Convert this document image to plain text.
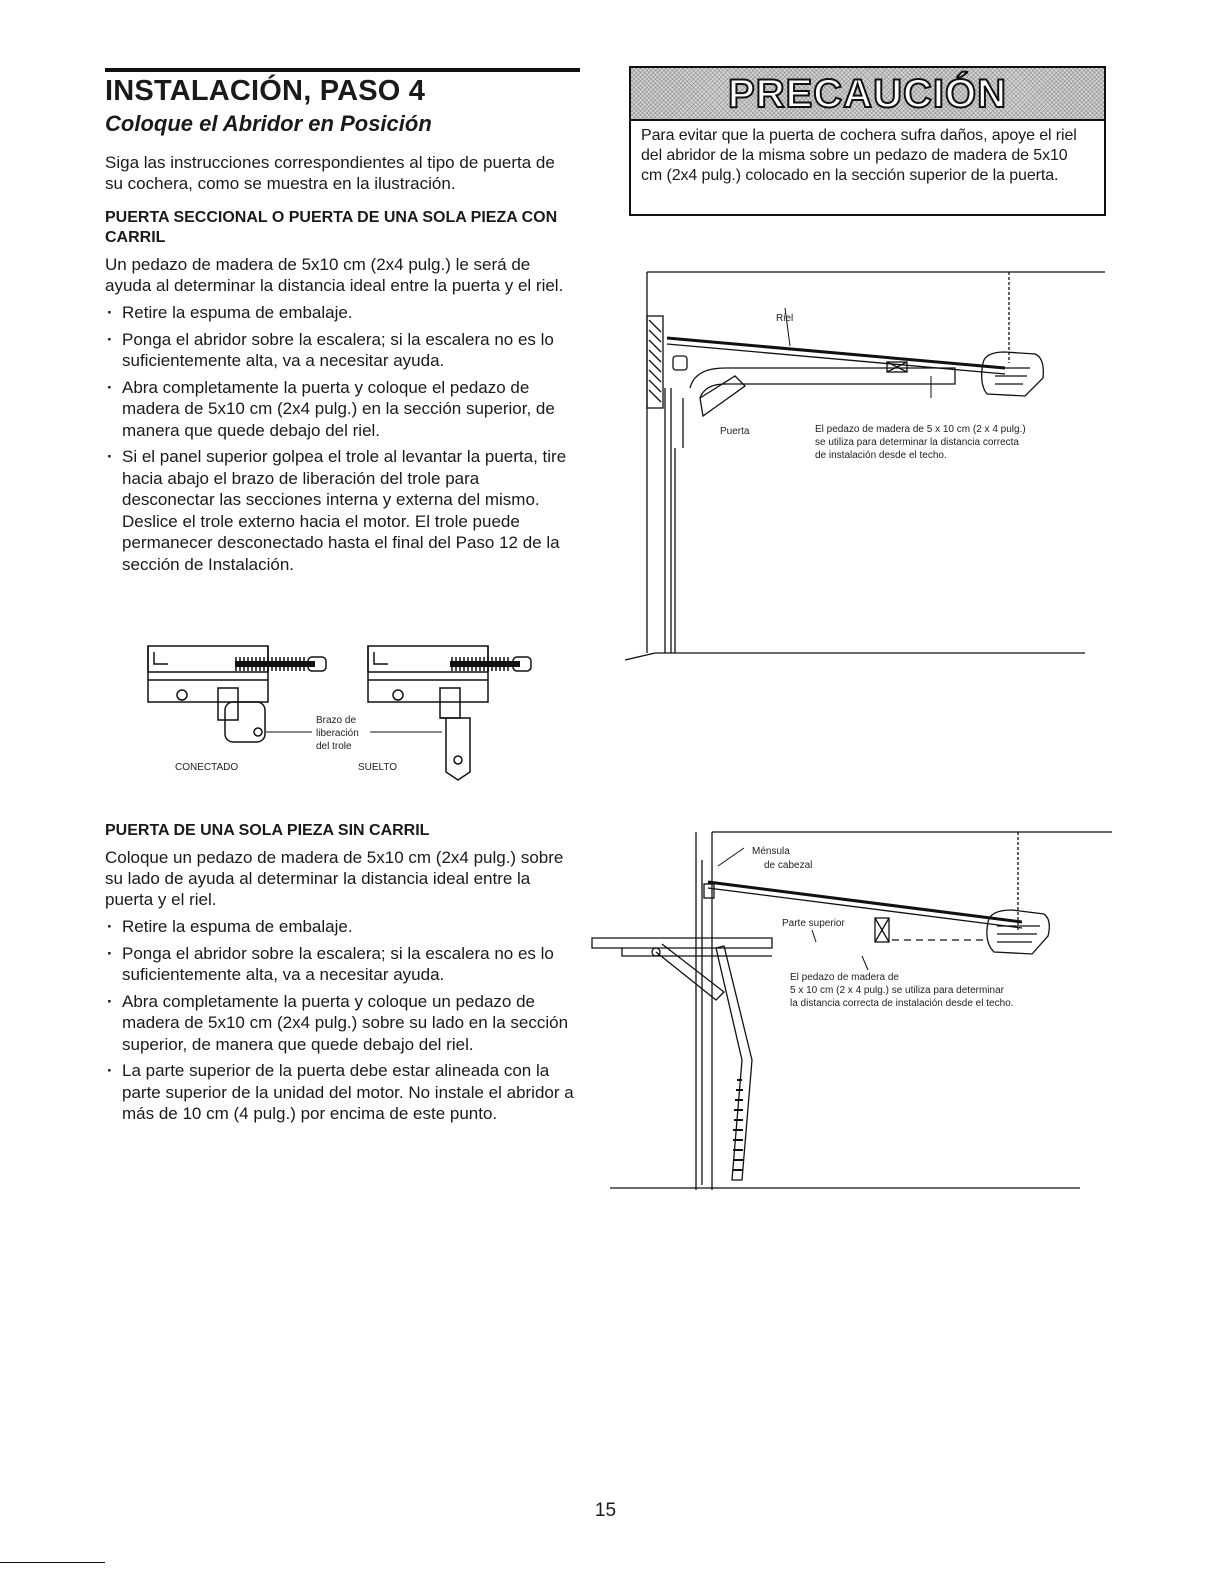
INSTALACIÓN, PASO 4
Coloque el Abridor en Posición

Siga las instrucciones correspondientes al tipo de puerta de su cochera, como se muestra en la ilustración.

PUERTA SECCIONAL O PUERTA DE UNA SOLA PIEZA CON CARRIL

Un pedazo de madera de 5x10 cm (2x4 pulg.) le será de ayuda al determinar la distancia ideal entre la puerta y el riel.

· Retire la espuma de embalaje.
· Ponga el abridor sobre la escalera; si la escalera no es lo suficientemente alta, va a necesitar ayuda.
· Abra completamente la puerta y coloque el pedazo de madera de 5x10 cm (2x4 pulg.) en la sección superior, de manera que quede debajo del riel.
· Si el panel superior golpea el trole al levantar la puerta, tire hacia abajo el brazo de liberación del trole para desconectar las secciones interna y externa del mismo. Deslice el trole externo hacia el motor. El trole puede permanecer desconectado hasta el final del Paso 12 de la sección de Instalación.
Brazo de
liberación
del trole
CONECTADO	SUELTO

PUERTA DE UNA SOLA PIEZA SIN CARRIL

Coloque un pedazo de madera de 5x10 cm (2x4 pulg.) sobre su lado de ayuda al determinar la distancia ideal entre la puerta y el riel.

· Retire la espuma de embalaje.
· Ponga el abridor sobre la escalera; si la escalera no es lo suficientemente alta, va a necesitar ayuda.
· Abra completamente la puerta y coloque un pedazo de madera de 5x10 cm (2x4 pulg.) sobre su lado en la sección superior, de manera que quede debajo del riel.
· La parte superior de la puerta debe estar alineada con la parte superior de la unidad del motor. No instale el abridor a más de 10 cm (4 pulg.) por encima de este punto.
PRECAUCIÓN
Para evitar que la puerta de cochera sufra daños, apoye el riel del abridor de la misma sobre un pedazo de madera de 5x10 cm (2x4 pulg.) colocado en la sección superior de la puerta.
Riel
Puerta	El pedazo de madera de 5 x 10 cm (2 x 4 pulg.)
se utiliza para determinar la distancia correcta
de instalación desde el techo.
Ménsula
de cabezal
Parte superior
El pedazo de madera de
5 x 10 cm (2 x 4 pulg.) se utiliza para determinar
la distancia correcta de instalación desde el techo.
15
